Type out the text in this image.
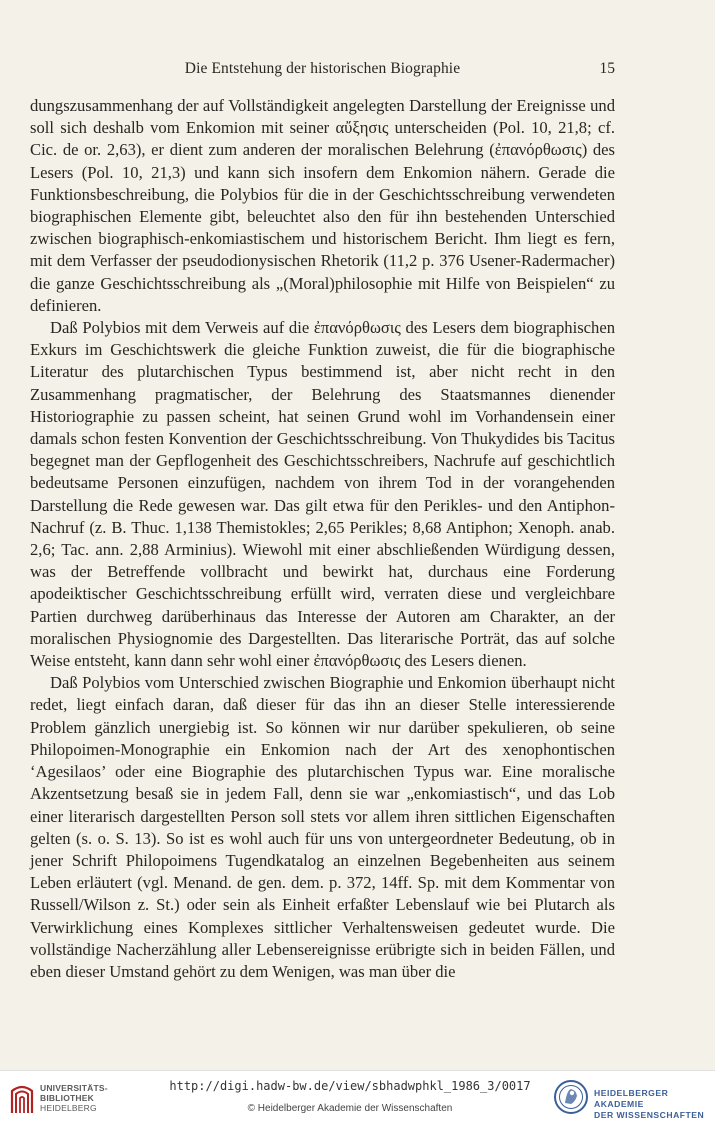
Die Entstehung der historischen Biographie	15

dungszusammenhang der auf Vollständigkeit angelegten Darstellung der Ereignisse und soll sich deshalb vom Enkomion mit seiner αὔξησις unterscheiden (Pol. 10, 21,8; cf. Cic. de or. 2,63), er dient zum anderen der moralischen Belehrung (ἐπανόρθωσις) des Lesers (Pol. 10, 21,3) und kann sich insofern dem Enkomion nähern. Gerade die Funktionsbeschreibung, die Polybios für die in der Geschichtsschreibung verwendeten biographischen Elemente gibt, beleuchtet also den für ihn bestehenden Unterschied zwischen biographisch-enkomiastischem und historischem Bericht. Ihm liegt es fern, mit dem Verfasser der pseudodionysischen Rhetorik (11,2 p. 376 Usener-Radermacher) die ganze Geschichtsschreibung als „(Moral)philosophie mit Hilfe von Beispielen“ zu definieren.

Daß Polybios mit dem Verweis auf die ἐπανόρθωσις des Lesers dem biographischen Exkurs im Geschichtswerk die gleiche Funktion zuweist, die für die biographische Literatur des plutarchischen Typus bestimmend ist, aber nicht recht in den Zusammenhang pragmatischer, der Belehrung des Staatsmannes dienender Historiographie zu passen scheint, hat seinen Grund wohl im Vorhandensein einer damals schon festen Konvention der Geschichtsschreibung. Von Thukydides bis Tacitus begegnet man der Gepflogenheit des Geschichtsschreibers, Nachrufe auf geschichtlich bedeutsame Personen einzufügen, nachdem von ihrem Tod in der vorangehenden Darstellung die Rede gewesen war. Das gilt etwa für den Perikles- und den Antiphon-Nachruf (z. B. Thuc. 1,138 Themistokles; 2,65 Perikles; 8,68 Antiphon; Xenoph. anab. 2,6; Tac. ann. 2,88 Arminius). Wiewohl mit einer abschließenden Würdigung dessen, was der Betreffende vollbracht und bewirkt hat, durchaus eine Forderung apodeiktischer Geschichtsschreibung erfüllt wird, verraten diese und vergleichbare Partien durchweg darüberhinaus das Interesse der Autoren am Charakter, an der moralischen Physiognomie des Dargestellten. Das literarische Porträt, das auf solche Weise entsteht, kann dann sehr wohl einer ἐπανόρθωσις des Lesers dienen.

Daß Polybios vom Unterschied zwischen Biographie und Enkomion überhaupt nicht redet, liegt einfach daran, daß dieser für das ihn an dieser Stelle interessierende Problem gänzlich unergiebig ist. So können wir nur darüber spekulieren, ob seine Philopoimen-Monographie ein Enkomion nach der Art des xenophontischen ‘Agesilaos’ oder eine Biographie des plutarchischen Typus war. Eine moralische Akzentsetzung besaß sie in jedem Fall, denn sie war „enkomiastisch“, und das Lob einer literarisch dargestellten Person soll stets vor allem ihren sittlichen Eigenschaften gelten (s. o. S. 13). So ist es wohl auch für uns von untergeordneter Bedeutung, ob in jener Schrift Philopoimens Tugendkatalog an einzelnen Begebenheiten aus seinem Leben erläutert (vgl. Menand. de gen. dem. p. 372, 14ff. Sp. mit dem Kommentar von Russell/Wilson z. St.) oder sein als Einheit erfaßter Lebenslauf wie bei Plutarch als Verwirklichung eines Komplexes sittlicher Verhaltensweisen gedeutet wurde. Die vollständige Nacherzählung aller Lebensereignisse erübrigte sich in beiden Fällen, und eben dieser Umstand gehört zu dem Wenigen, was man über die

UNIVERSITÄTS-
BIBLIOTHEK
HEIDELBERG
http://digi.hadw-bw.de/view/sbhadwphkl_1986_3/0017
© Heidelberger Akademie der Wissenschaften
HEIDELBERGER AKADEMIE
DER WISSENSCHAFTEN
